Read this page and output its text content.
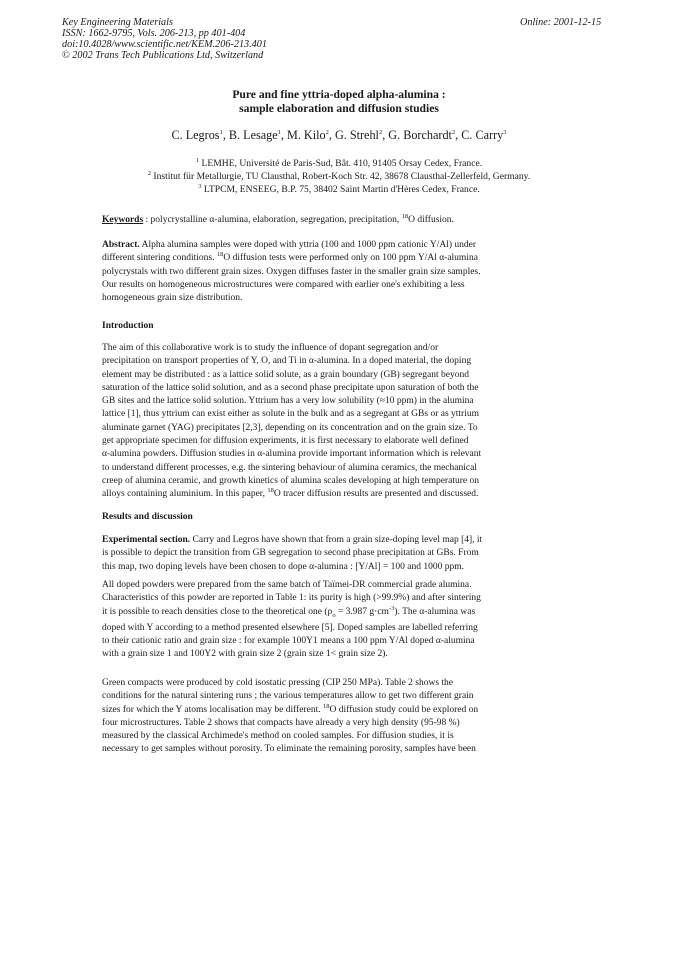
Key Engineering Materials
ISSN: 1662-9795, Vols. 206-213, pp 401-404
doi:10.4028/www.scientific.net/KEM.206-213.401
© 2002 Trans Tech Publications Ltd, Switzerland
Online: 2001-12-15
Pure and fine yttria-doped alpha-alumina :
sample elaboration and diffusion studies
C. Legros$^1$, B. Lesage$^1$, M. Kilo$^2$, G. Strehl$^2$, G. Borchardt$^2$, C. Carry$^3$
$^1$ LEMHE, Université de Paris-Sud, Bât. 410, 91405 Orsay Cedex, France.
$^2$ Institut für Metallurgie, TU Clausthal, Robert-Koch Str. 42, 38678 Clausthal-Zellerfeld, Germany.
$^3$ LTPCM, ENSEEG, B.P. 75, 38402 Saint Martin d'Hères Cedex, France.
Keywords : polycrystalline α-alumina, elaboration, segregation, precipitation, $^{18}$O diffusion.
Abstract. Alpha alumina samples were doped with yttria (100 and 1000 ppm cationic Y/Al) under
different sintering conditions. $^{18}$O diffusion tests were performed only on 100 ppm Y/Al α-alumina
polycrystals with two different grain sizes. Oxygen diffuses faster in the smaller grain size samples.
Our results on homogeneous microstructures were compared with earlier one's exhibiting a less
homogeneous grain size distribution.
Introduction
The aim of this collaborative work is to study the influence of dopant segregation and/or
precipitation on transport properties of Y, O, and Ti in α-alumina. In a doped material, the doping
element may be distributed : as a lattice solid solute, as a grain boundary (GB) segregant beyond
saturation of the lattice solid solution, and as a second phase precipitate upon saturation of both the
GB sites and the lattice solid solution. Yttrium has a very low solubility (≈10 ppm) in the alumina
lattice [1], thus yttrium can exist either as solute in the bulk and as a segregant at GBs or as yttrium
aluminate garnet (YAG) precipitates [2,3], depending on its concentration and on the grain size. To
get appropriate specimen for diffusion experiments, it is first necessary to elaborate well defined
α-alumina powders. Diffusion studies in α-alumina provide important information which is relevant
to understand different processes, e.g. the sintering behaviour of alumina ceramics, the mechanical
creep of alumina ceramic, and growth kinetics of alumina scales developing at high temperature on
alloys containing aluminium. In this paper, $^{18}$O tracer diffusion results are presented and discussed.
Results and discussion
Experimental section. Carry and Legros have shown that from a grain size-doping level map [4], it
is possible to depict the transition from GB segregation to second phase precipitation at GBs. From
this map, two doping levels have been chosen to dope α-alumina : [Y/Al] = 100 and 1000 ppm.
All doped powders were prepared from the same batch of Taïmei-DR commercial grade alumina.
Characteristics of this powder are reported in Table 1: its purity is high (>99.9%) and after sintering
it is possible to reach densities close to the theoretical one ($\rho_o = 3.987$ $g\cdot cm^{-3}$). The α-alumina was
doped with Y according to a method presented elsewhere [5]. Doped samples are labelled referring
to their cationic ratio and grain size : for example 100Y1 means a 100 ppm Y/Al doped α-alumina
with a grain size 1 and 100Y2 with grain size 2 (grain size 1< grain size 2).
Green compacts were produced by cold isostatic pressing (CIP 250 MPa). Table 2 shows the
conditions for the natural sintering runs ; the various temperatures allow to get two different grain
sizes for which the Y atoms localisation may be different. $^{18}$O diffusion study could be explored on
four microstructures. Table 2 shows that compacts have already a very high density (95-98 %)
measured by the classical Archimede's method on cooled samples. For diffusion studies, it is
necessary to get samples without porosity. To eliminate the remaining porosity, samples have been
